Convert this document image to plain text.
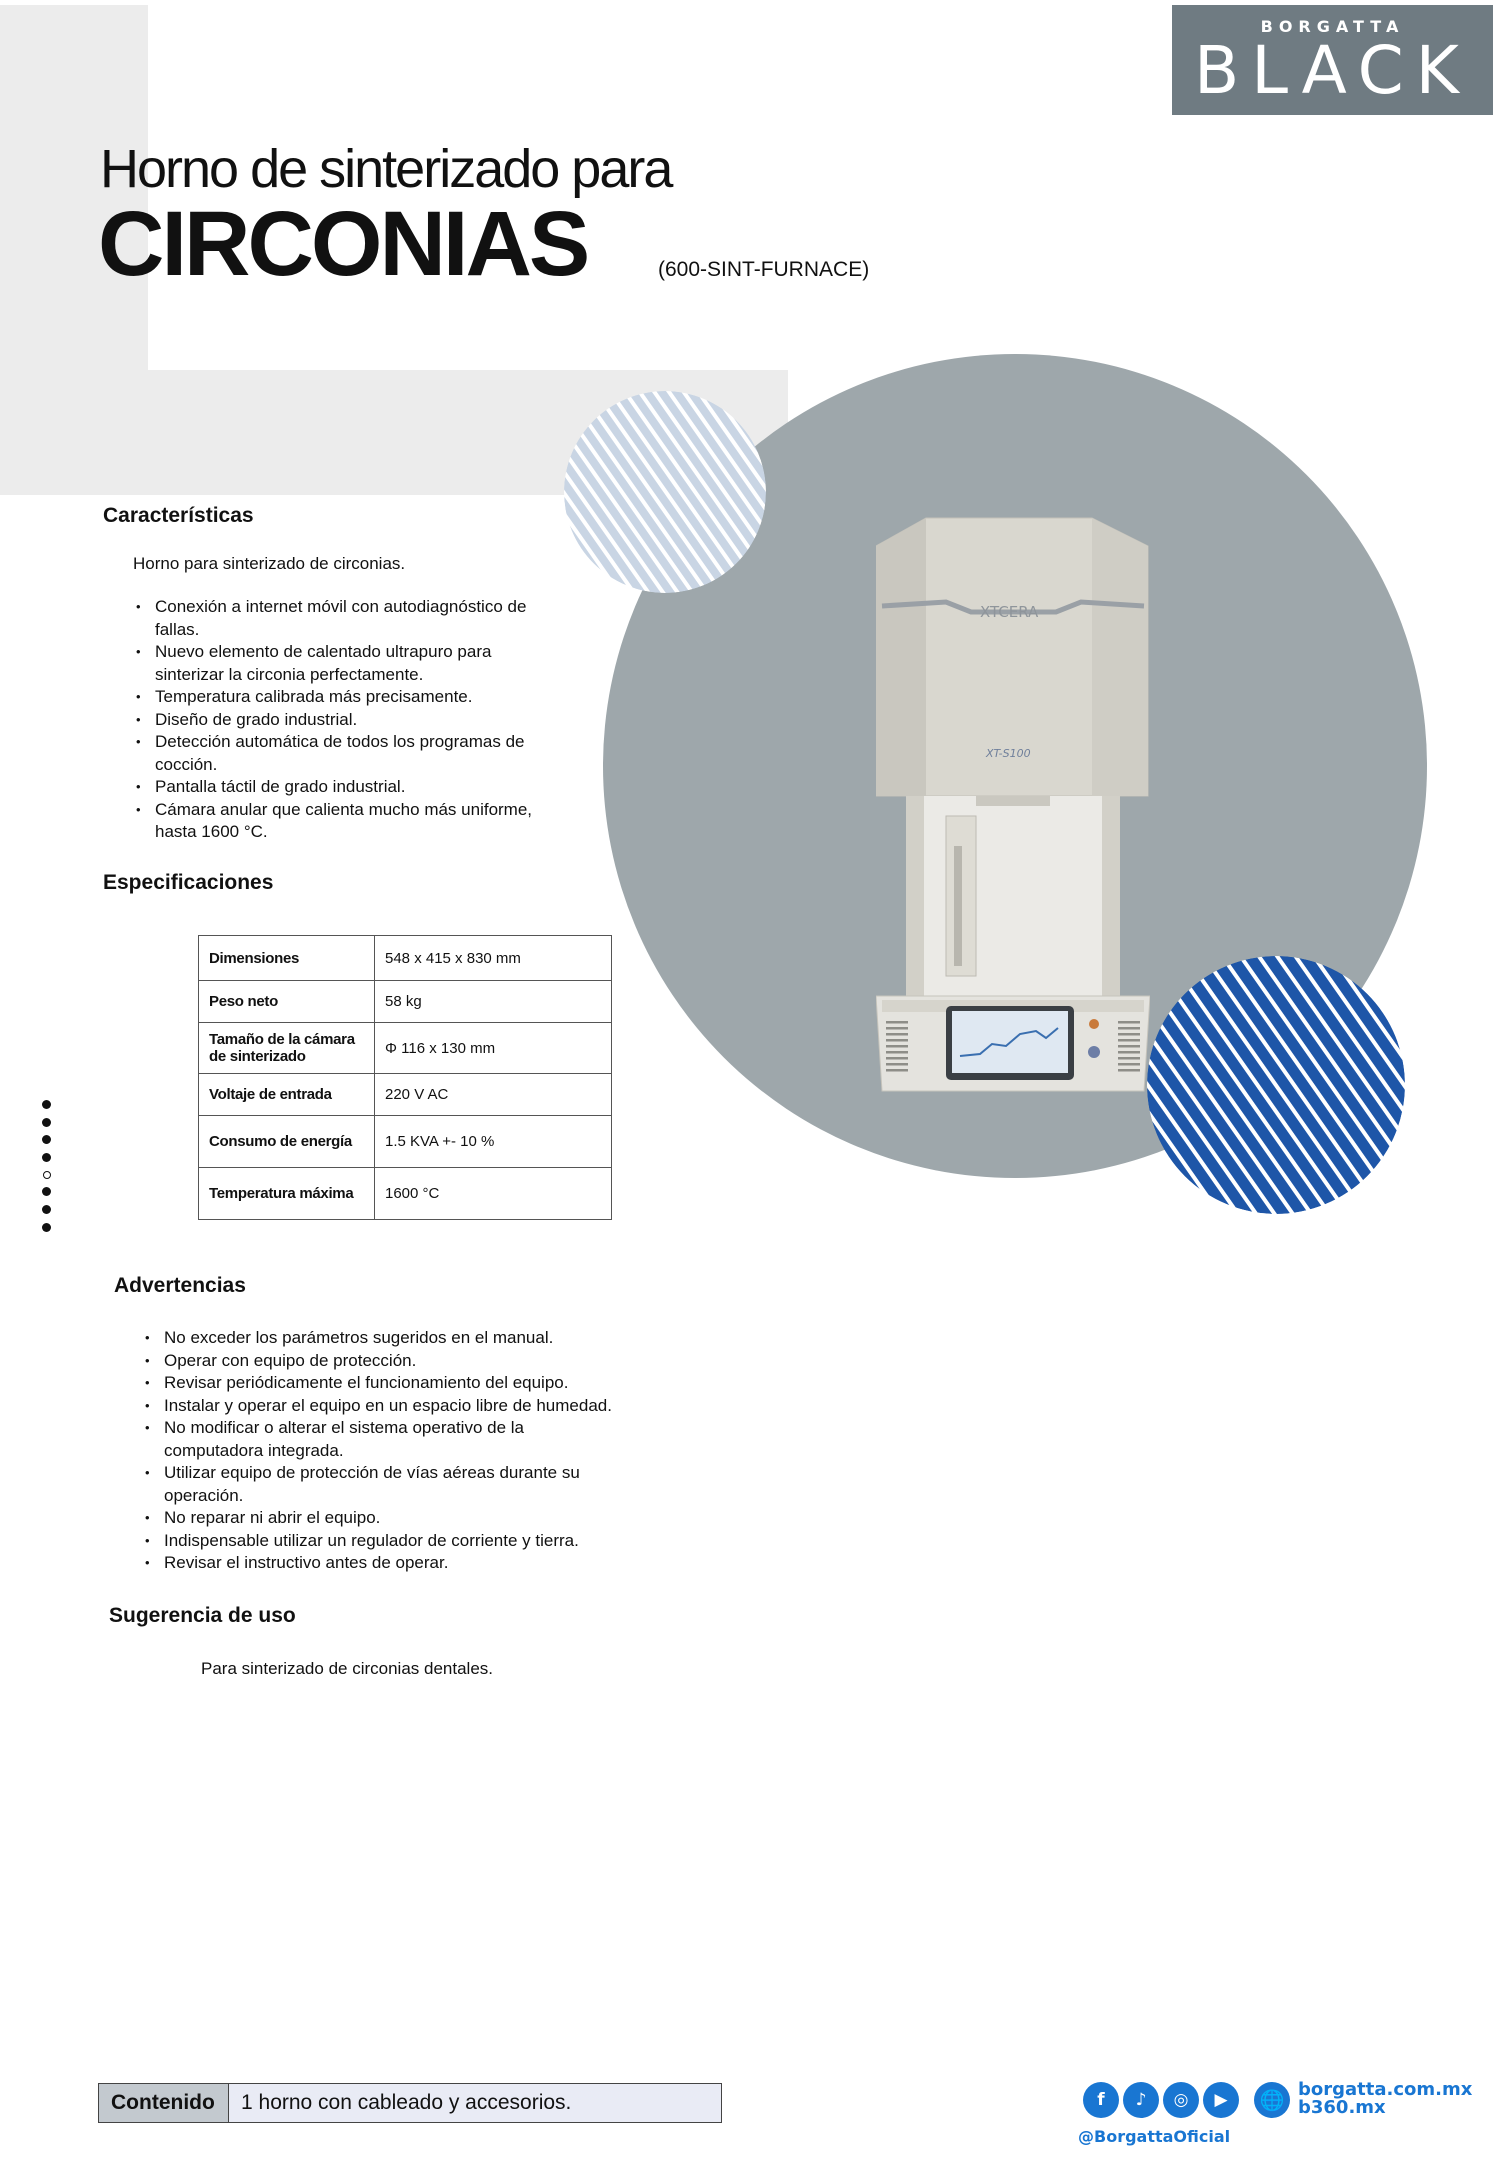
BORGATTA
BLACK
Horno de sinterizado para
CIRCONIAS	(600-SINT-FURNACE)
XTCERA
XT-S100
Características
Horno para sinterizado de circonias.
• Conexión a internet móvil con autodiagnóstico de fallas.
• Nuevo elemento de calentado ultrapuro para sinterizar la circonia perfectamente.
• Temperatura calibrada más precisamente.
• Diseño de grado industrial.
• Detección automática de todos los programas de cocción.
• Pantalla táctil de grado industrial.
• Cámara anular que calienta mucho más uniforme, hasta 1600 °C.
Especificaciones
Dimensiones	548 x 415 x 830 mm
Peso neto	58 kg
Tamaño de la cámara de sinterizado	Φ 116 x 130 mm
Voltaje de entrada	220 V AC
Consumo de energía	1.5 KVA +- 10 %
Temperatura máxima	1600 °C
Advertencias
• No exceder los parámetros sugeridos en el manual.
• Operar con equipo de protección.
• Revisar periódicamente el funcionamiento del equipo.
• Instalar y operar el equipo en un espacio libre de humedad.
• No modificar o alterar el sistema operativo de la computadora integrada.
• Utilizar equipo de protección de vías aéreas durante su operación.
• No reparar ni abrir el equipo.
• Indispensable utilizar un regulador de corriente y tierra.
• Revisar el instructivo antes de operar.
Sugerencia de uso
Para sinterizado de circonias dentales.
Contenido	1 horno con cableado y accesorios.	f	♪	◎	▶	🌐 borgatta.com.mx
b360.mx
@BorgattaOficial
